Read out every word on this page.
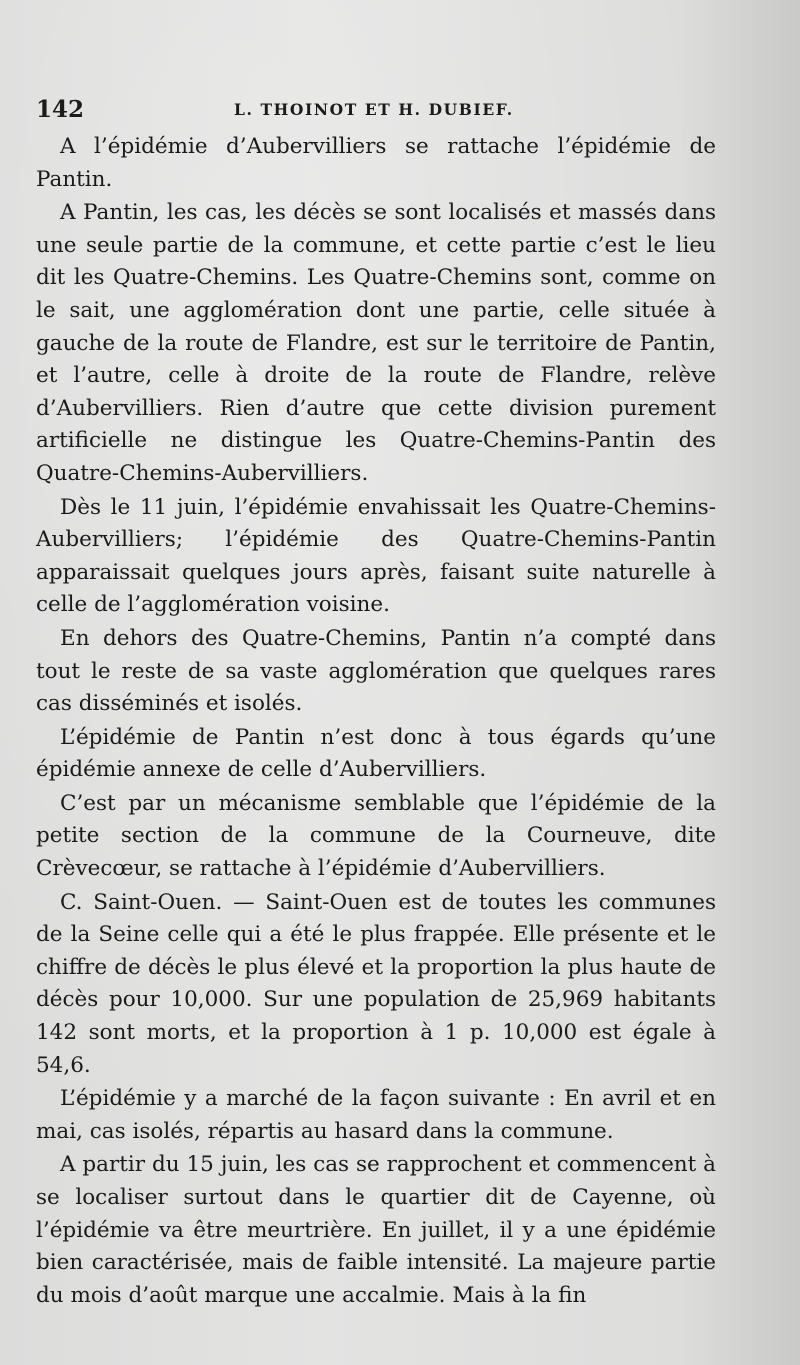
142	L. THOINOT ET H. DUBIEF.

A l’épidémie d’Aubervilliers se rattache l’épidémie de Pantin.

A Pantin, les cas, les décès se sont localisés et massés dans une seule partie de la commune, et cette partie c’est le lieu dit les Quatre-Chemins. Les Quatre-Chemins sont, comme on le sait, une agglomération dont une partie, celle située à gauche de la route de Flandre, est sur le territoire de Pantin, et l’autre, celle à droite de la route de Flandre, relève d’Aubervilliers. Rien d’autre que cette division purement artificielle ne distingue les Quatre-Chemins-Pantin des Quatre-Chemins-Aubervilliers.

Dès le 11 juin, l’épidémie envahissait les Quatre-Chemins-Aubervilliers; l’épidémie des Quatre-Chemins-Pantin apparaissait quelques jours après, faisant suite naturelle à celle de l’agglomération voisine.

En dehors des Quatre-Chemins, Pantin n’a compté dans tout le reste de sa vaste agglomération que quelques rares cas disséminés et isolés.

L’épidémie de Pantin n’est donc à tous égards qu’une épidémie annexe de celle d’Aubervilliers.

C’est par un mécanisme semblable que l’épidémie de la petite section de la commune de la Courneuve, dite Crèvecœur, se rattache à l’épidémie d’Aubervilliers.

C. Saint-Ouen. — Saint-Ouen est de toutes les communes de la Seine celle qui a été le plus frappée. Elle présente et le chiffre de décès le plus élevé et la proportion la plus haute de décès pour 10,000. Sur une population de 25,969 habitants 142 sont morts, et la proportion à 1 p. 10,000 est égale à 54,6.

L’épidémie y a marché de la façon suivante : En avril et en mai, cas isolés, répartis au hasard dans la commune.

A partir du 15 juin, les cas se rapprochent et commencent à se localiser surtout dans le quartier dit de Cayenne, où l’épidémie va être meurtrière. En juillet, il y a une épidémie bien caractérisée, mais de faible intensité. La majeure partie du mois d’août marque une accalmie. Mais à la fin
